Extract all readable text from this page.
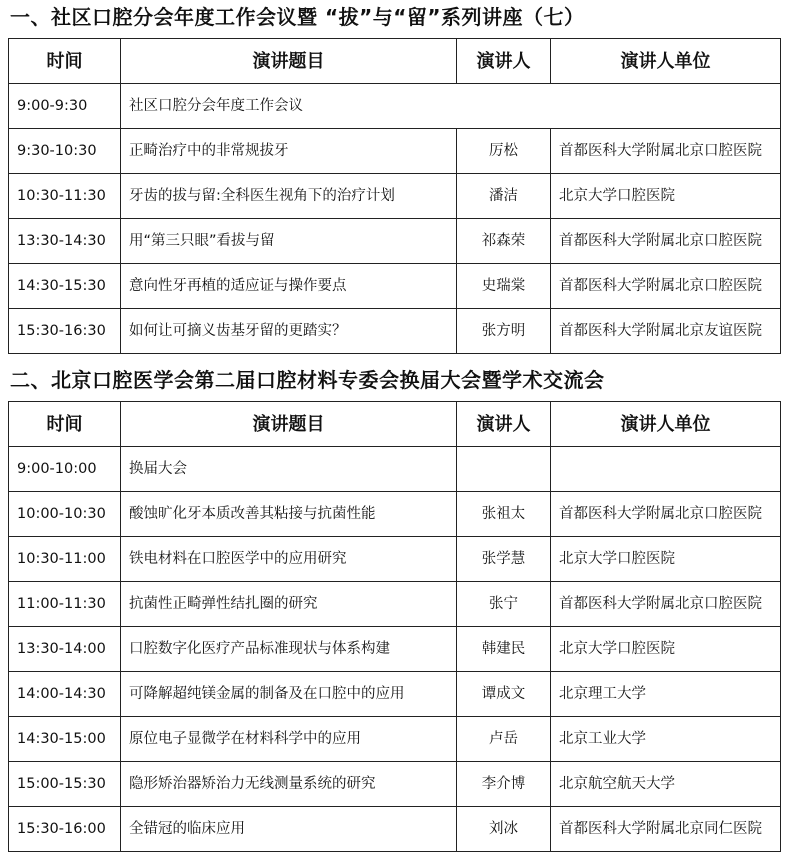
一、社区口腔分会年度工作会议暨 “拔”与“留”系列讲座（七）
时间	演讲题目	演讲人	演讲人单位
9:00-9:30	社区口腔分会年度工作会议		
9:30-10:30	正畸治疗中的非常规拔牙	厉松	首都医科大学附属北京口腔医院
10:30-11:30	牙齿的拔与留:全科医生视角下的治疗计划	潘洁	北京大学口腔医院
13:30-14:30	用“第三只眼”看拔与留	祁森荣	首都医科大学附属北京口腔医院
14:30-15:30	意向性牙再植的适应证与操作要点	史瑞棠	首都医科大学附属北京口腔医院
15:30-16:30	如何让可摘义齿基牙留的更踏实？	张方明	首都医科大学附属北京友谊医院
二、北京口腔医学会第二届口腔材料专委会换届大会暨学术交流会
时间	演讲题目	演讲人	演讲人单位
9:00-10:00	换届大会		
10:00-10:30	酸蚀旷化牙本质改善其粘接与抗菌性能	张祖太	首都医科大学附属北京口腔医院
10:30-11:00	铁电材料在口腔医学中的应用研究	张学慧	北京大学口腔医院
11:00-11:30	抗菌性正畸弹性结扎圈的研究	张宁	首都医科大学附属北京口腔医院
13:30-14:00	口腔数字化医疗产品标准现状与体系构建	韩建民	北京大学口腔医院
14:00-14:30	可降解超纯镁金属的制备及在口腔中的应用	谭成文	北京理工大学
14:30-15:00	原位电子显微学在材料科学中的应用	卢岳	北京工业大学
15:00-15:30	隐形矫治器矫治力无线测量系统的研究	李介博	北京航空航天大学
15:30-16:00	全错冠的临床应用	刘冰	首都医科大学附属北京同仁医院
